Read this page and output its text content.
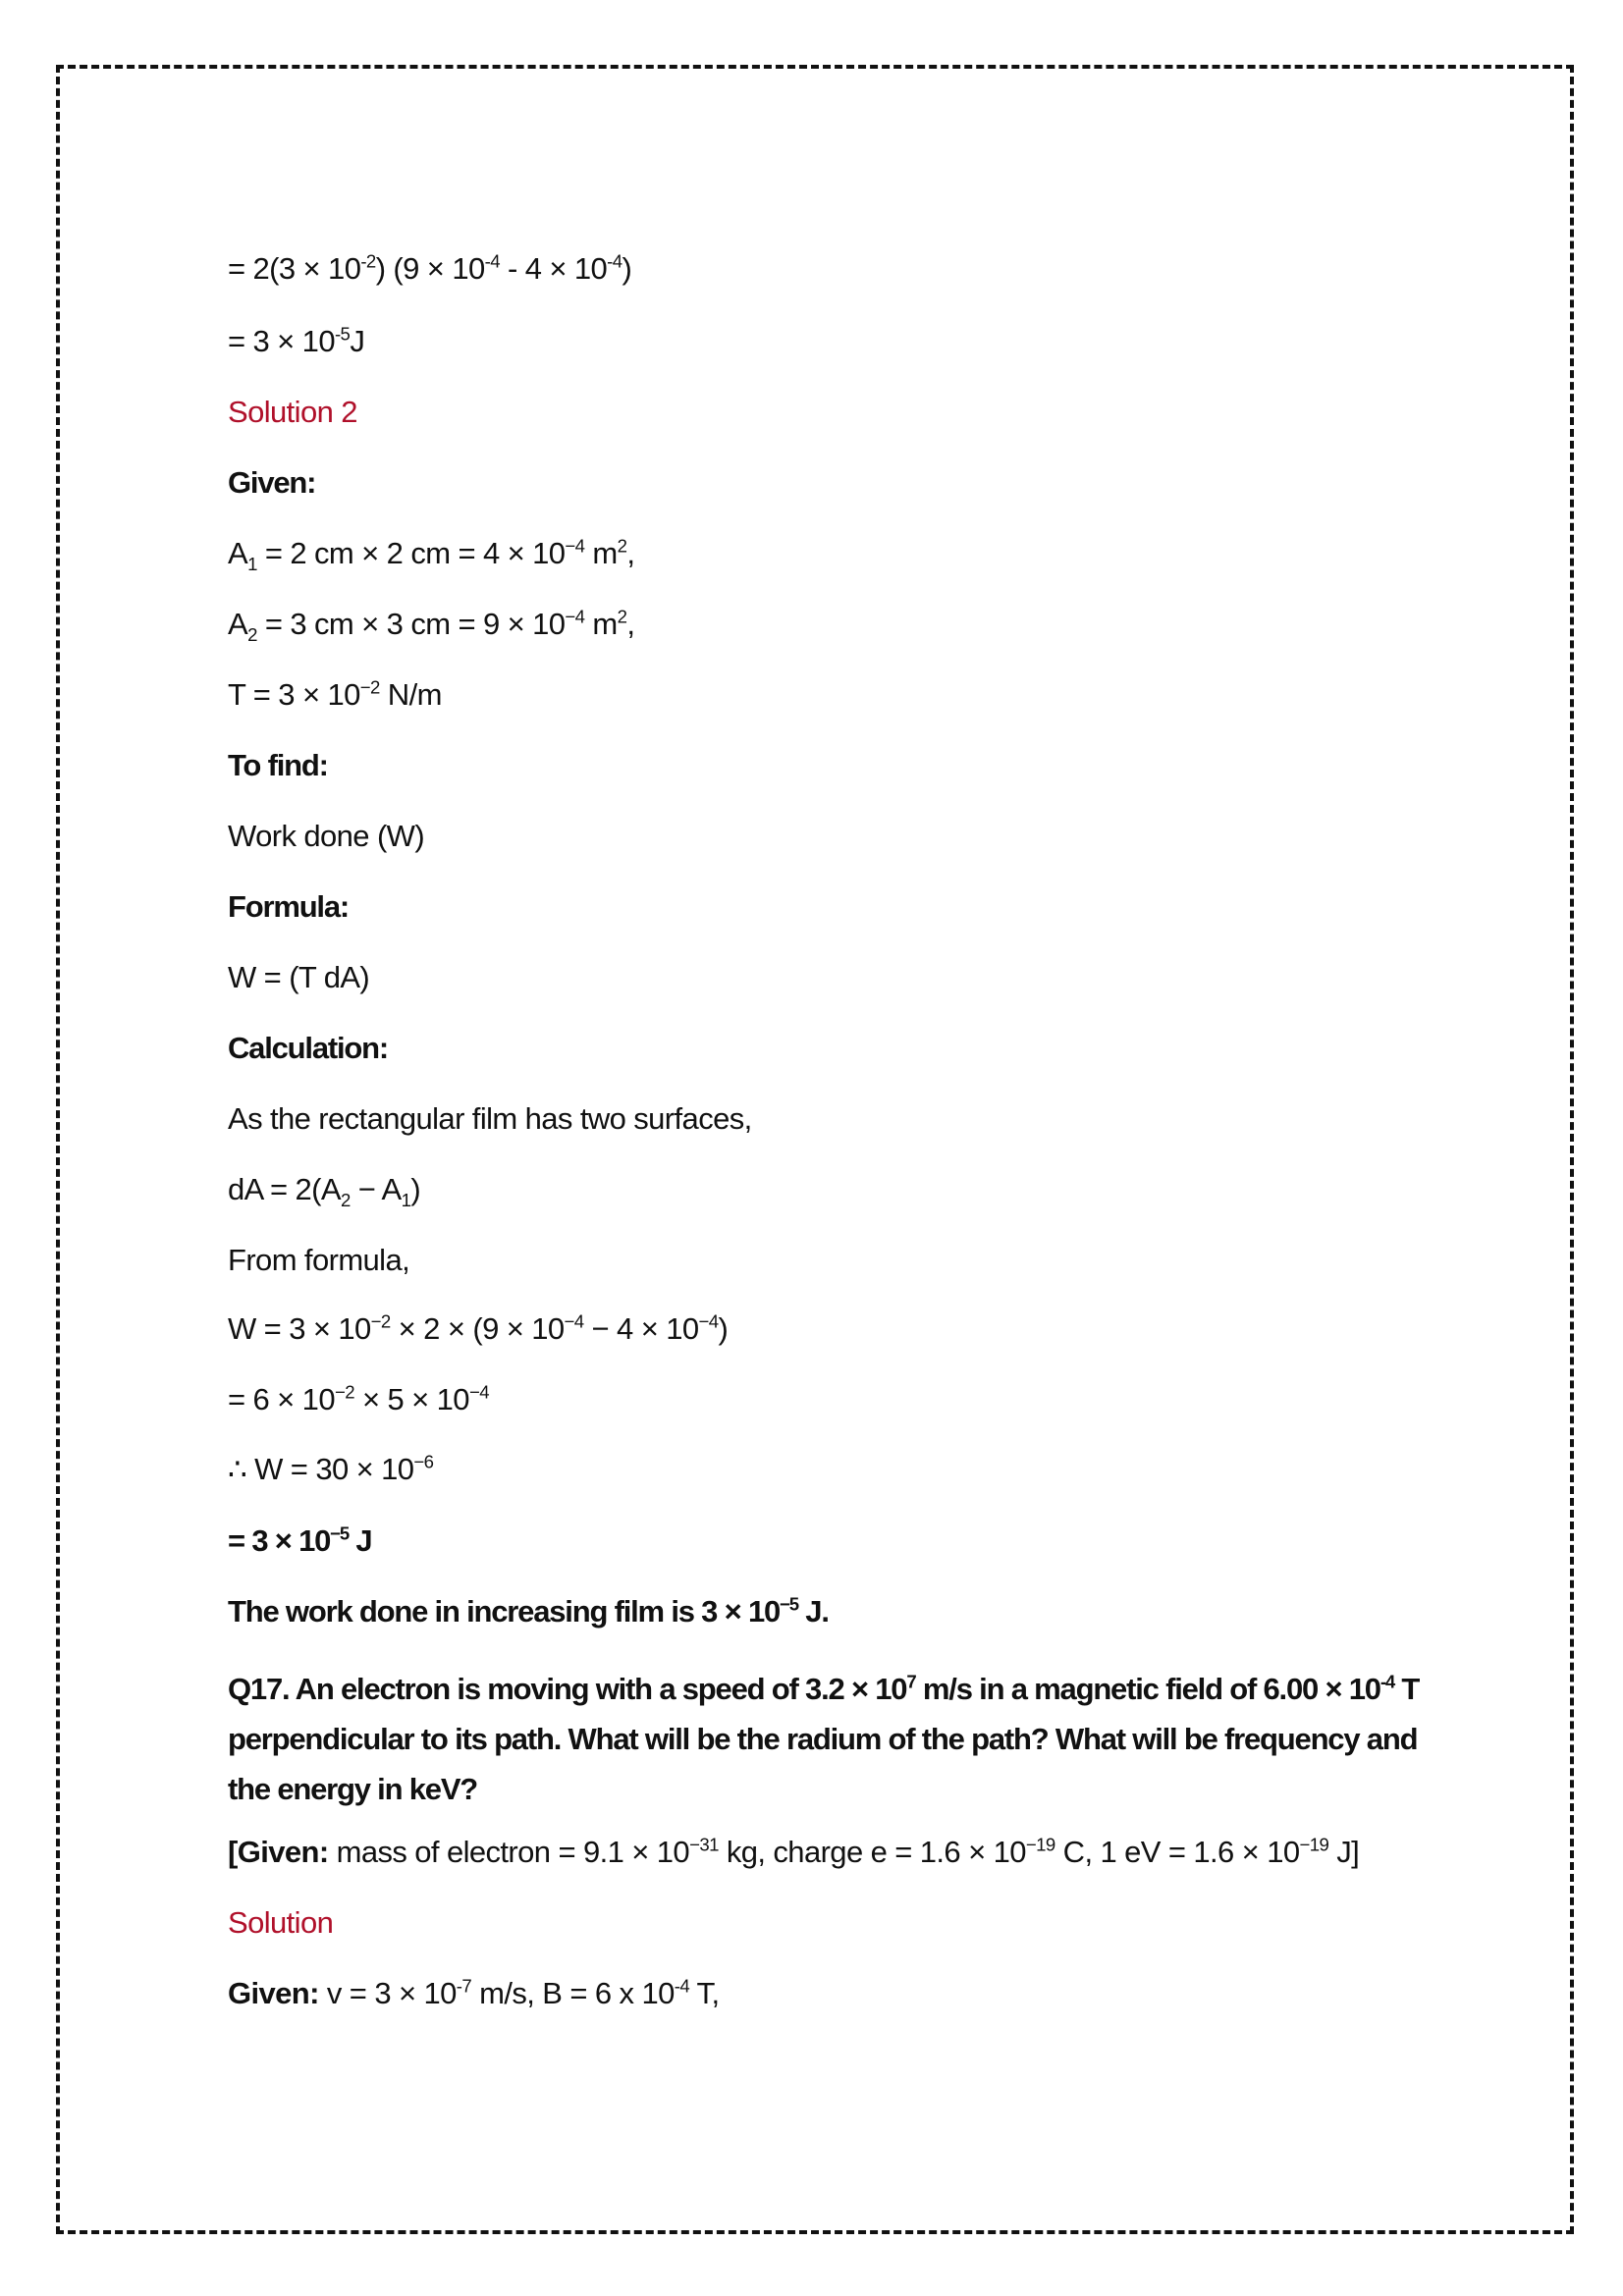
= $2(3 \times 10^{-2})$ $(9 \times 10^{-4} - 4 \times 10^{-4})$
= $3 \times 10^{-5}J$
Solution 2
Given:
$A_1 = 2$ cm × 2 cm = $4 \times 10^{-4}$ $m^2$,
$A_2 = 3$ cm × 3 cm = $9 \times 10^{-4}$ $m^2$,
$T = 3 \times 10^{-2}$ N/m
To find:
Work done (W)
Formula:
W = (T dA)
Calculation:
As the rectangular film has two surfaces,
dA = $2(A_2 - A_1)$
From formula,
$W = 3 \times 10^{-2} \times 2 \times (9 \times 10^{-4} - 4 \times 10^{-4})$
= $6 \times 10^{-2} \times 5 \times 10^{-4}$
∴ $W = 30 \times 10^{-6}$
= $3 \times 10^{-5}$ J
The work done in increasing film is $3 \times 10^{-5}$ J.
Q17. An electron is moving with a speed of $3.2 \times 10^7$ m/s in a magnetic field of $6.00 \times 10^{-4}$ T perpendicular to its path. What will be the radium of the path? What will be frequency and the energy in keV?
[Given: mass of electron = $9.1 \times 10^{-31}$ kg, charge $e = 1.6 \times 10^{-19}$ C, 1 eV = $1.6 \times 10^{-19}$ J]
Solution
Given: $v = 3 \times 10^{-7}$ m/s, B = 6 x $10^{-4}$ T,
